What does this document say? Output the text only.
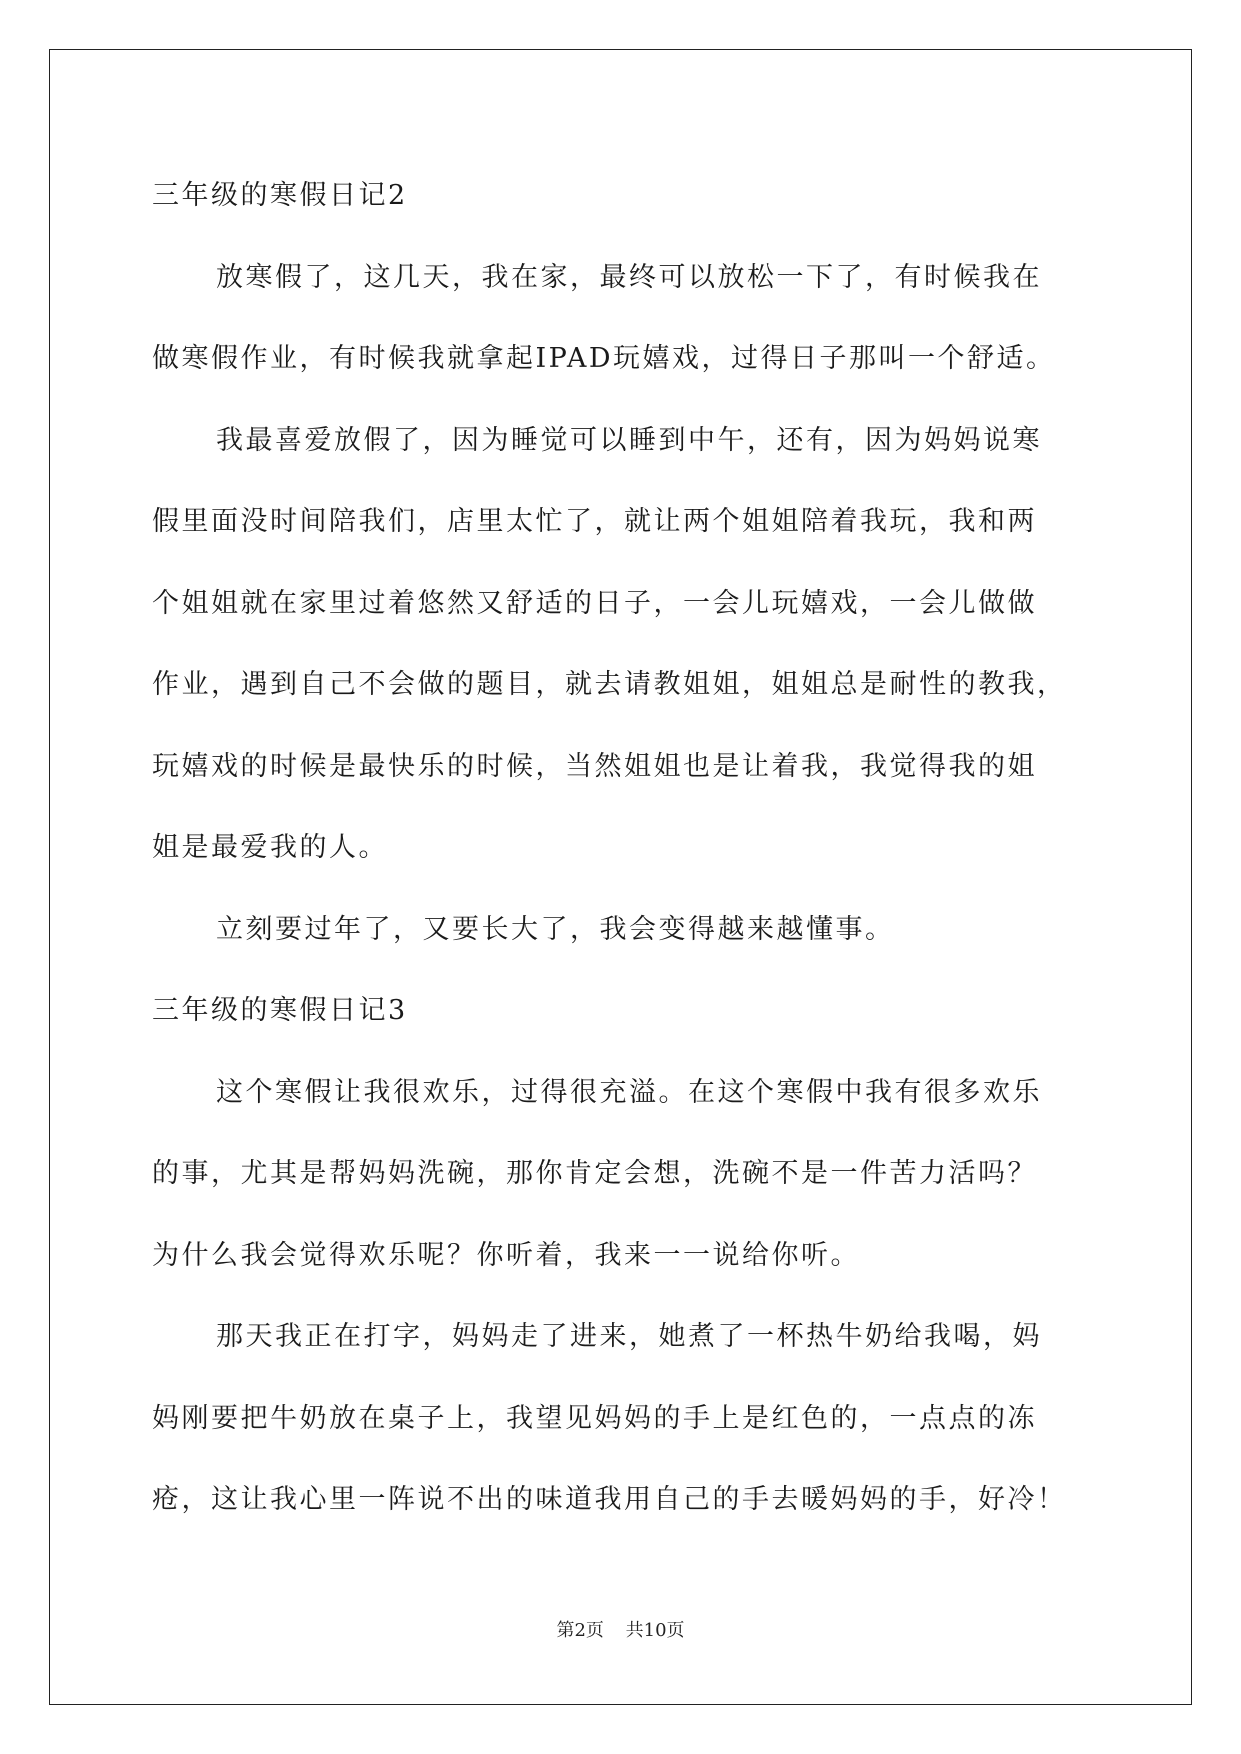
三年级的寒假日记2

放寒假了，这几天，我在家，最终可以放松一下了，有时候我在
做寒假作业，有时候我就拿起IPAD玩嬉戏，过得日子那叫一个舒适。

我最喜爱放假了，因为睡觉可以睡到中午，还有，因为妈妈说寒
假里面没时间陪我们，店里太忙了，就让两个姐姐陪着我玩，我和两
个姐姐就在家里过着悠然又舒适的日子，一会儿玩嬉戏，一会儿做做
作业，遇到自己不会做的题目，就去请教姐姐，姐姐总是耐性的教我，
玩嬉戏的时候是最快乐的时候，当然姐姐也是让着我，我觉得我的姐
姐是最爱我的人。

立刻要过年了，又要长大了，我会变得越来越懂事。

三年级的寒假日记3

这个寒假让我很欢乐，过得很充溢。在这个寒假中我有很多欢乐
的事，尤其是帮妈妈洗碗，那你肯定会想，洗碗不是一件苦力活吗？
为什么我会觉得欢乐呢？你听着，我来一一说给你听。

那天我正在打字，妈妈走了进来，她煮了一杯热牛奶给我喝，妈
妈刚要把牛奶放在桌子上，我望见妈妈的手上是红色的，一点点的冻
疮，这让我心里一阵说不出的味道我用自己的手去暖妈妈的手，好冷！

第2页 共10页
